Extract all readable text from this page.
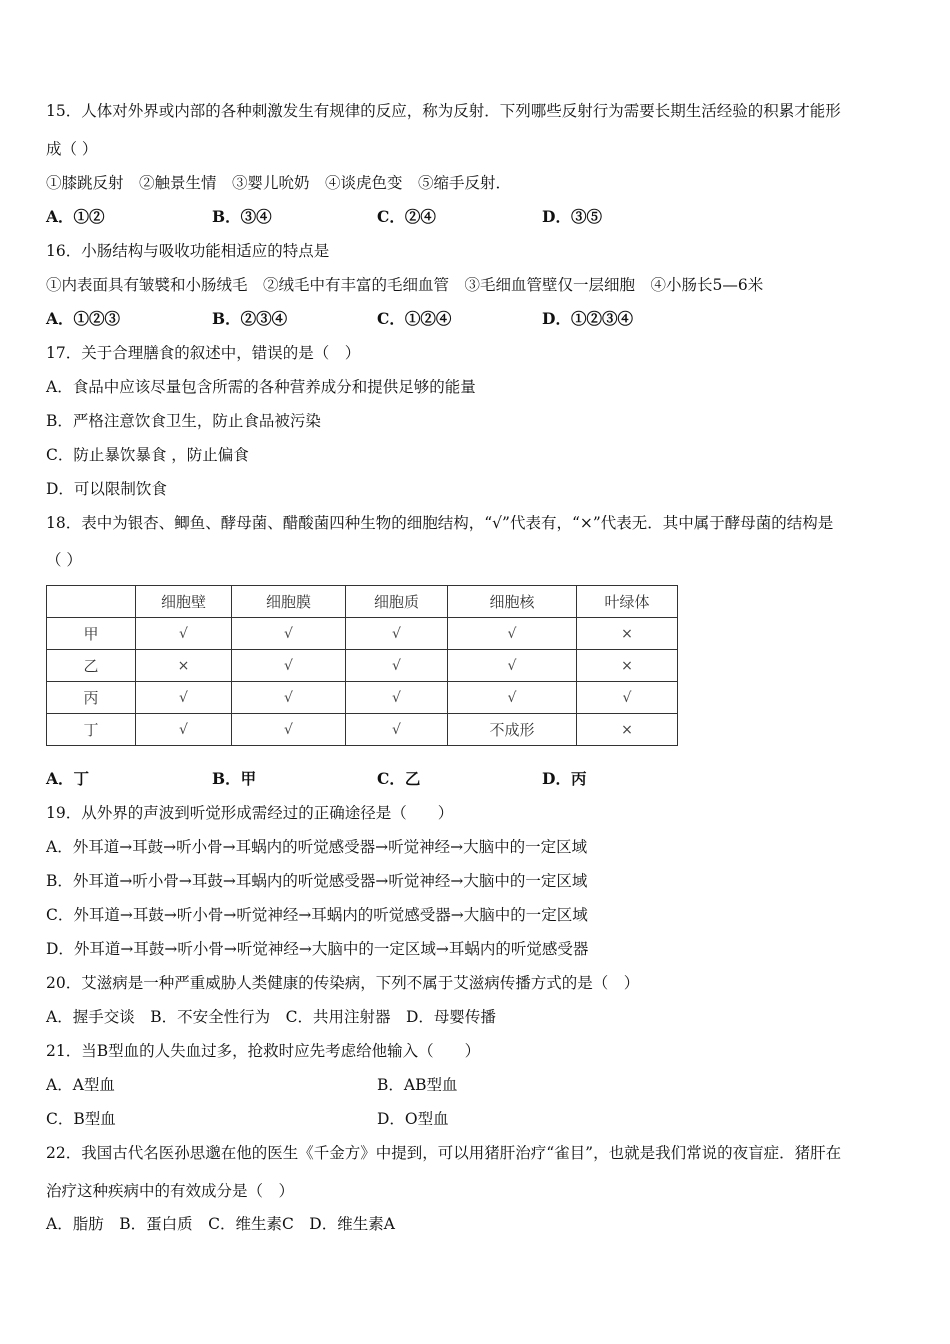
15．人体对外界或内部的各种刺激发生有规律的反应，称为反射．下列哪些反射行为需要长期生活经验的积累才能形
成（ ）
①膝跳反射　②触景生情　③婴儿吮奶　④谈虎色变　⑤缩手反射．
A．①②	B．③④	C．②④	D．③⑤
16．小肠结构与吸收功能相适应的特点是
①内表面具有皱襞和小肠绒毛　②绒毛中有丰富的毛细血管　③毛细血管壁仅一层细胞　④小肠长5—6米
A．①②③	B．②③④	C．①②④	D．①②③④
17．关于合理膳食的叙述中，错误的是（　）
A．食品中应该尽量包含所需的各种营养成分和提供足够的能量
B．严格注意饮食卫生，防止食品被污染
C．防止暴饮暴食 ，防止偏食
D．可以限制饮食
18．表中为银杏、鲫鱼、酵母菌、醋酸菌四种生物的细胞结构，“√”代表有，“×”代表无．其中属于酵母菌的结构是
（ ）
	细胞壁	细胞膜	细胞质	细胞核	叶绿体
甲	√	√	√	√	×
乙	×	√	√	√	×
丙	√	√	√	√	√
丁	√	√	√	不成形	×
A．丁	B．甲	C．乙	D．丙
19．从外界的声波到听觉形成需经过的正确途径是（　　）
A．外耳道→耳鼓→听小骨→耳蜗内的听觉感受器→听觉神经→大脑中的一定区域
B．外耳道→听小骨→耳鼓→耳蜗内的听觉感受器→听觉神经→大脑中的一定区域
C．外耳道→耳鼓→听小骨→听觉神经→耳蜗内的听觉感受器→大脑中的一定区域
D．外耳道→耳鼓→听小骨→听觉神经→大脑中的一定区域→耳蜗内的听觉感受器
20．艾滋病是一种严重威胁人类健康的传染病，下列不属于艾滋病传播方式的是（　）
A．握手交谈　B．不安全性行为　C．共用注射器　D．母婴传播
21．当B型血的人失血过多，抢救时应先考虑给他输入（　　）
A．A型血	B．AB型血
C．B型血	D．O型血
22．我国古代名医孙思邈在他的医生《千金方》中提到，可以用猪肝治疗“雀目”，也就是我们常说的夜盲症．猪肝在
治疗这种疾病中的有效成分是（　）
A．脂肪　B．蛋白质　C．维生素C　D．维生素A
